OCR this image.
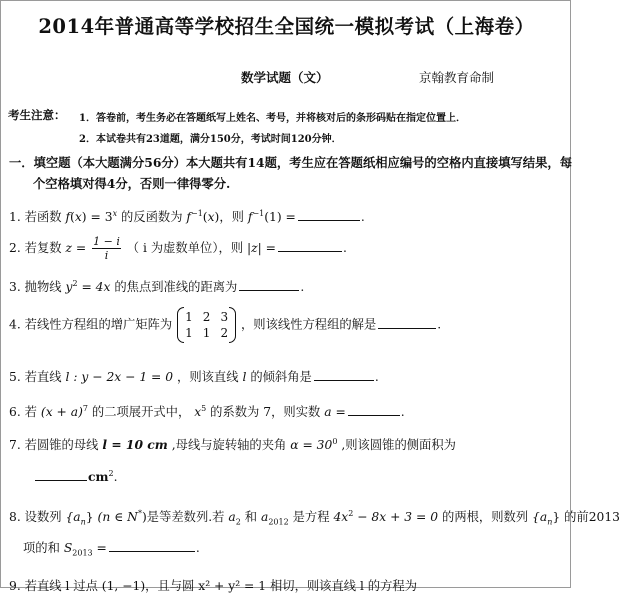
2014年普通高等学校招生全国统一模拟考试（上海卷）
数学试题（文）	京翰教育命制
考生注意： 1．答卷前，考生务必在答题纸写上姓名、考号，并将核对后的条形码贴在指定位置上．
2．本试卷共有23道题，满分150分，考试时间120分钟．
一．填空题（本大题满分56分）本大题共有14题，考生应在答题纸相应编号的空格内直接填写结果，每
个空格填对得4分，否则一律得零分.
1. 若函数 $f(x) = 3^x$ 的反函数为 $f^{-1}(x)$，则 $f^{-1}(1)$ =	.
2. 若复数 $z = \frac{1 - i}{i}$ （ i 为虚数单位），则 |z| =	.
3. 抛物线 $y^2 = 4x$ 的焦点到准线的距离为	.
4. 若线性方程组的增广矩阵为
1	2	3
1	1	2
，则该线性方程组的解是	.
5. 若直线 l : y − 2x − 1 = 0 ，则该直线 l 的倾斜角是	.
6. 若 $(x + a)^7$ 的二项展开式中， $x^5$ 的系数为 7，则实数 a =	.
7. 若圆锥的母线 l = 10 cm ,母线与旋转轴的夹角 $\alpha = 30^0$ ,则该圆锥的侧面积为
$cm^2$.
8. 设数列 $\{a_n\}$ (n ∈ N*)是等差数列.若 $a_2$ 和 $a_{2012}$ 是方程 $4x^2 - 8x + 3 = 0$ 的两根，则数列 $\{a_n\}$ 的前2013
项的和 $S_{2013}$ =	.
9. 若直线 l 过点 (1, −1)，且与圆 x² + y² = 1 相切，则该直线 l 的方程为
